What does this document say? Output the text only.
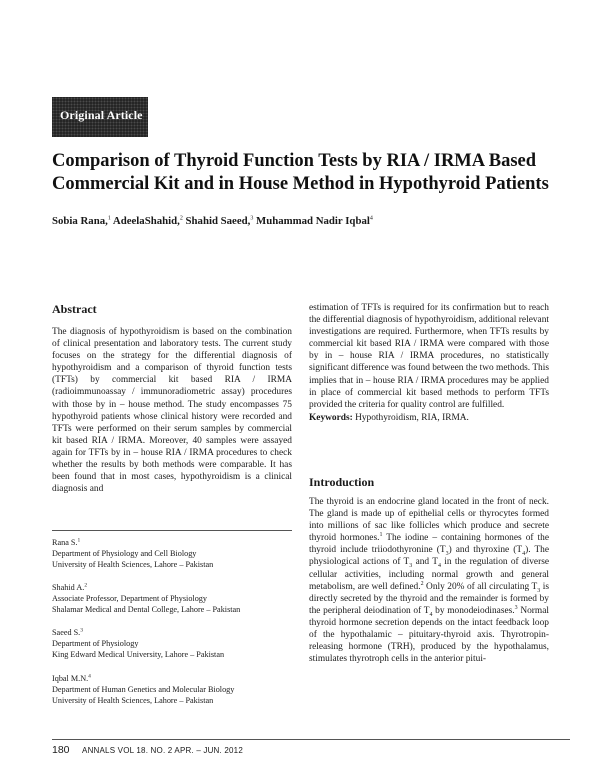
Original Article
Comparison of Thyroid Function Tests by RIA / IRMA Based Commercial Kit and in House Method in Hypothyroid Patients
Sobia Rana,$^1$ AdeelaShahid,$^2$ Shahid Saeed,$^3$ Muhammad Nadir Iqbal$^4$
Abstract

The diagnosis of hypothyroidism is based on the combination of clinical presentation and laboratory tests. The current study focuses on the strategy for the differential diagnosis of hypothyroidism and a comparison of thyroid function tests (TFTs) by commercial kit based RIA / IRMA (radioimmunoassay / immunoradiometric assay) procedures with those by in – house method. The study encompasses 75 hypothyroid patients whose clinical history were recorded and TFTs were performed on their serum samples by commercial kit based RIA / IRMA. Moreover, 40 samples were assayed again for TFTs by in – house RIA / IRMA procedures to check whether the results by both methods were comparable. It has been found that in most cases, hypothyroidism is a clinical diagnosis and

estimation of TFTs is required for its confirmation but to reach the differential diagnosis of hypothyroidism, additional relevant investigations are required. Furthermore, when TFTs results by commercial kit based RIA / IRMA were compared with those by in – house RIA / IRMA procedures, no statistically significant difference was found between the two methods. This implies that in – house RIA / IRMA procedures may be applied in place of commercial kit based methods to perform TFTs provided the criteria for quality control are fulfilled.

Keywords: Hypothyroidism, RIA, IRMA.
Introduction
The thyroid is an endocrine gland located in the front of neck. The gland is made up of epithelial cells or thyrocytes formed into millions of sac like follicles which produce and secrete thyroid hormones.$^1$ The iodine – containing hormones of the thyroid include triiodothyronine $(T_3)$ and thyroxine $(T_4)$. The physiological actions of $T_3$ and $T_4$ in the regulation of diverse cellular activities, including normal growth and general metabolism, are well defined.$^2$ Only 20% of all circulating $T_3$ is directly secreted by the thyroid and the remainder is formed by the peripheral deiodination of $T_4$ by monodeiodinases.$^3$ Normal thyroid hormone secretion depends on the intact feedback loop of the hypothalamic – pituitary-thyroid axis. Thyrotropin-releasing hormone (TRH), produced by the hypothalamus, stimulates thyrotroph cells in the anterior pitui-
Rana S.$^1$
Department of Physiology and Cell Biology
University of Health Sciences, Lahore – Pakistan
Shahid A.$^2$
Associate Professor, Department of Physiology
Shalamar Medical and Dental College, Lahore – Pakistan
Saeed S.$^3$
Department of Physiology
King Edward Medical University, Lahore – Pakistan
Iqbal M.N.$^4$
Department of Human Genetics and Molecular Biology
University of Health Sciences, Lahore – Pakistan
180 ANNALS VOL 18. NO. 2 APR. – JUN. 2012
